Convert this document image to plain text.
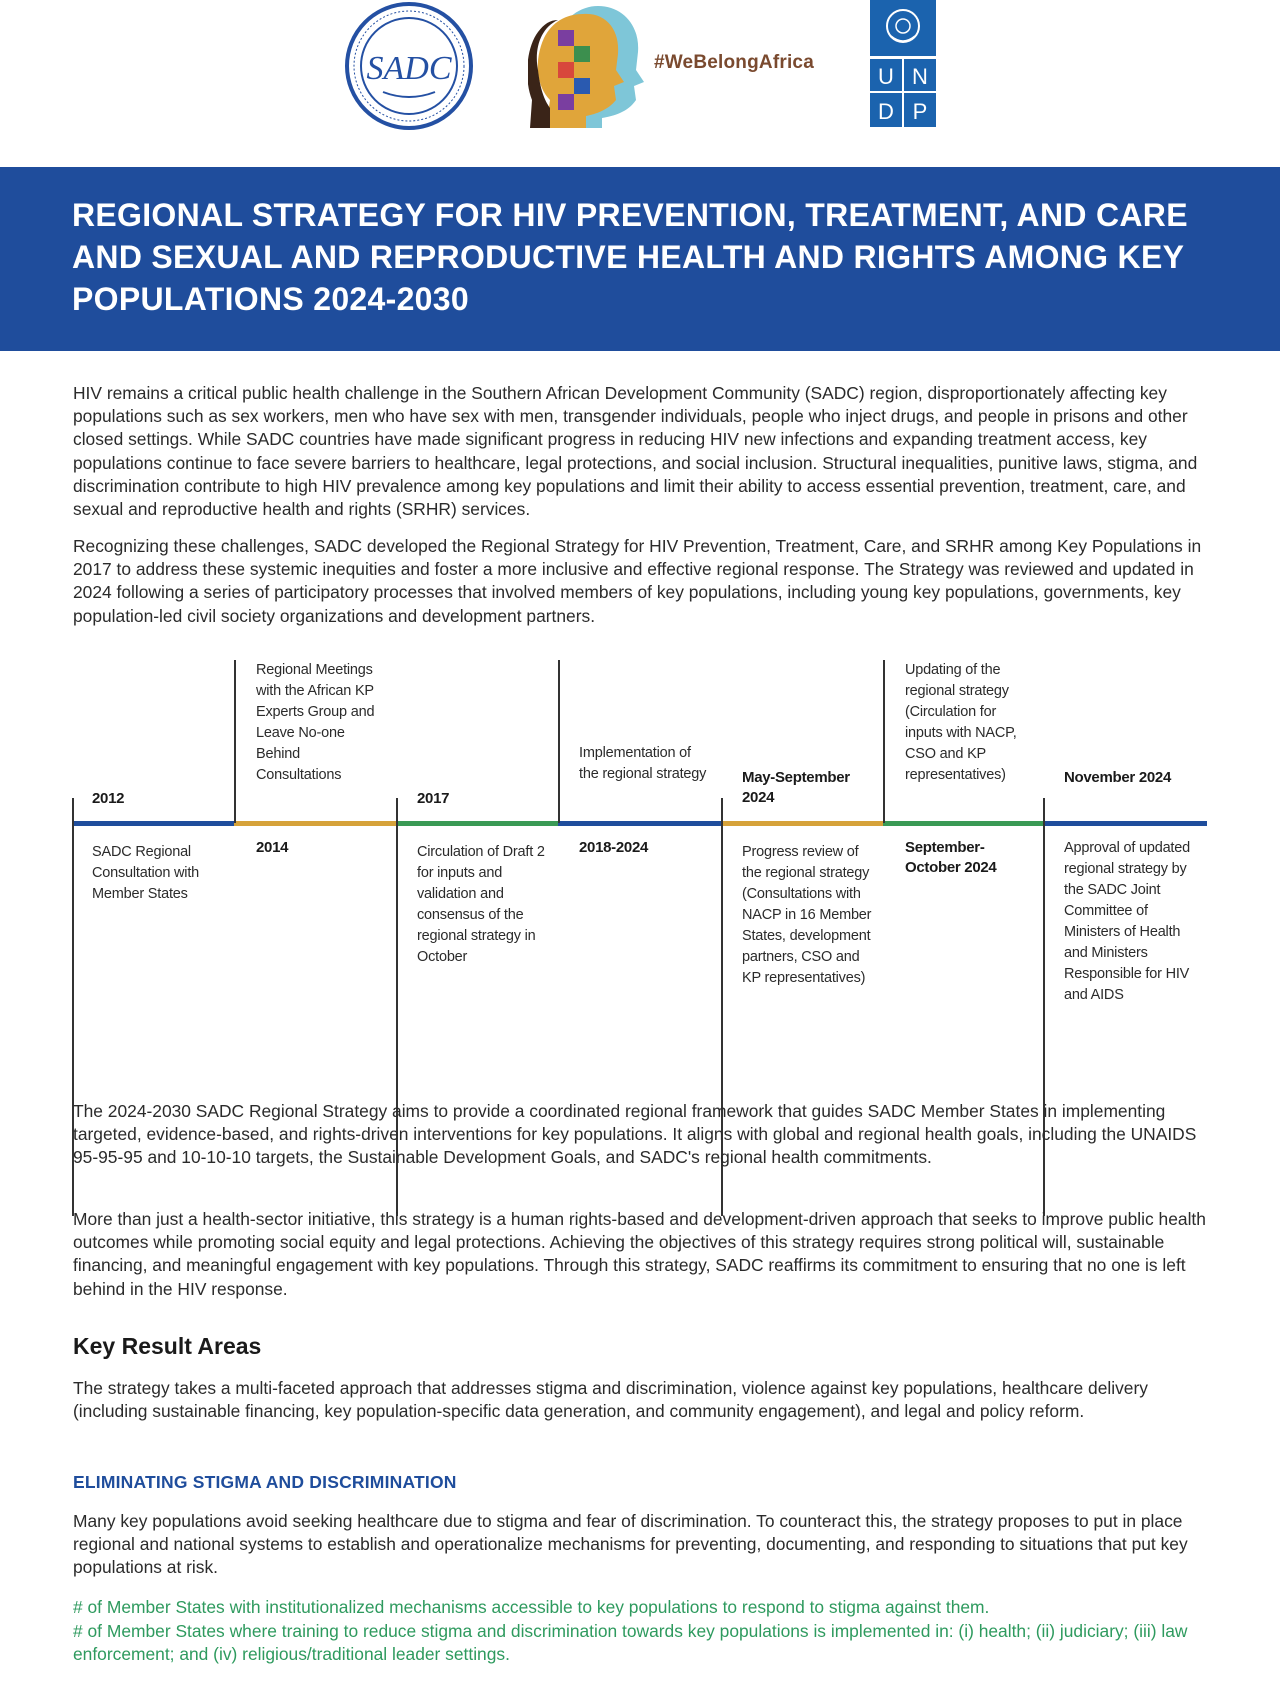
SADC	#WeBelongAfrica
U N
D P
REGIONAL STRATEGY FOR HIV PREVENTION, TREATMENT, AND CARE AND SEXUAL AND REPRODUCTIVE HEALTH AND RIGHTS AMONG KEY POPULATIONS 2024-2030

HIV remains a critical public health challenge in the Southern African Development Community (SADC) region, disproportionately affecting key populations such as sex workers, men who have sex with men, transgender individuals, people who inject drugs, and people in prisons and other closed settings. While SADC countries have made significant progress in reducing HIV new infections and expanding treatment access, key populations continue to face severe barriers to healthcare, legal protections, and social inclusion. Structural inequalities, punitive laws, stigma, and discrimination contribute to high HIV prevalence among key populations and limit their ability to access essential prevention, treatment, care, and sexual and reproductive health and rights (SRHR) services.

Recognizing these challenges, SADC developed the Regional Strategy for HIV Prevention, Treatment, Care, and SRHR among Key Populations in 2017 to address these systemic inequities and foster a more inclusive and effective regional response. The Strategy was reviewed and updated in 2024 following a series of participatory processes that involved members of key populations, including young key populations, governments, key population-led civil society organizations and development partners.

2012
SADC Regional Consultation with Member States
Regional Meetings with the African KP Experts Group and Leave No-one Behind Consultations
2014
2017
Circulation of Draft 2 for inputs and validation and consensus of the regional strategy in October
Implementation of the regional strategy
2018-2024
May-September 2024
Progress review of the regional strategy (Consultations with NACP in 16 Member States, development partners, CSO and KP representatives)
Updating of the regional strategy (Circulation for inputs with NACP, CSO and KP representatives)
September-October 2024
November 2024
Approval of updated regional strategy by the SADC Joint Committee of Ministers of Health and Ministers Responsible for HIV and AIDS

The 2024-2030 SADC Regional Strategy aims to provide a coordinated regional framework that guides SADC Member States in implementing targeted, evidence-based, and rights-driven interventions for key populations. It aligns with global and regional health goals, including the UNAIDS 95-95-95 and 10-10-10 targets, the Sustainable Development Goals, and SADC's regional health commitments.

More than just a health-sector initiative, this strategy is a human rights-based and development-driven approach that seeks to improve public health outcomes while promoting social equity and legal protections. Achieving the objectives of this strategy requires strong political will, sustainable financing, and meaningful engagement with key populations. Through this strategy, SADC reaffirms its commitment to ensuring that no one is left behind in the HIV response.

Key Result Areas

The strategy takes a multi-faceted approach that addresses stigma and discrimination, violence against key populations, healthcare delivery (including sustainable financing, key population-specific data generation, and community engagement), and legal and policy reform.

ELIMINATING STIGMA AND DISCRIMINATION

Many key populations avoid seeking healthcare due to stigma and fear of discrimination. To counteract this, the strategy proposes to put in place regional and national systems to establish and operationalize mechanisms for preventing, documenting, and responding to situations that put key populations at risk.

# of Member States with institutionalized mechanisms accessible to key populations to respond to stigma against them.

# of Member States where training to reduce stigma and discrimination towards key populations is implemented in: (i) health; (ii) judiciary; (iii) law enforcement; and (iv) religious/traditional leader settings.
